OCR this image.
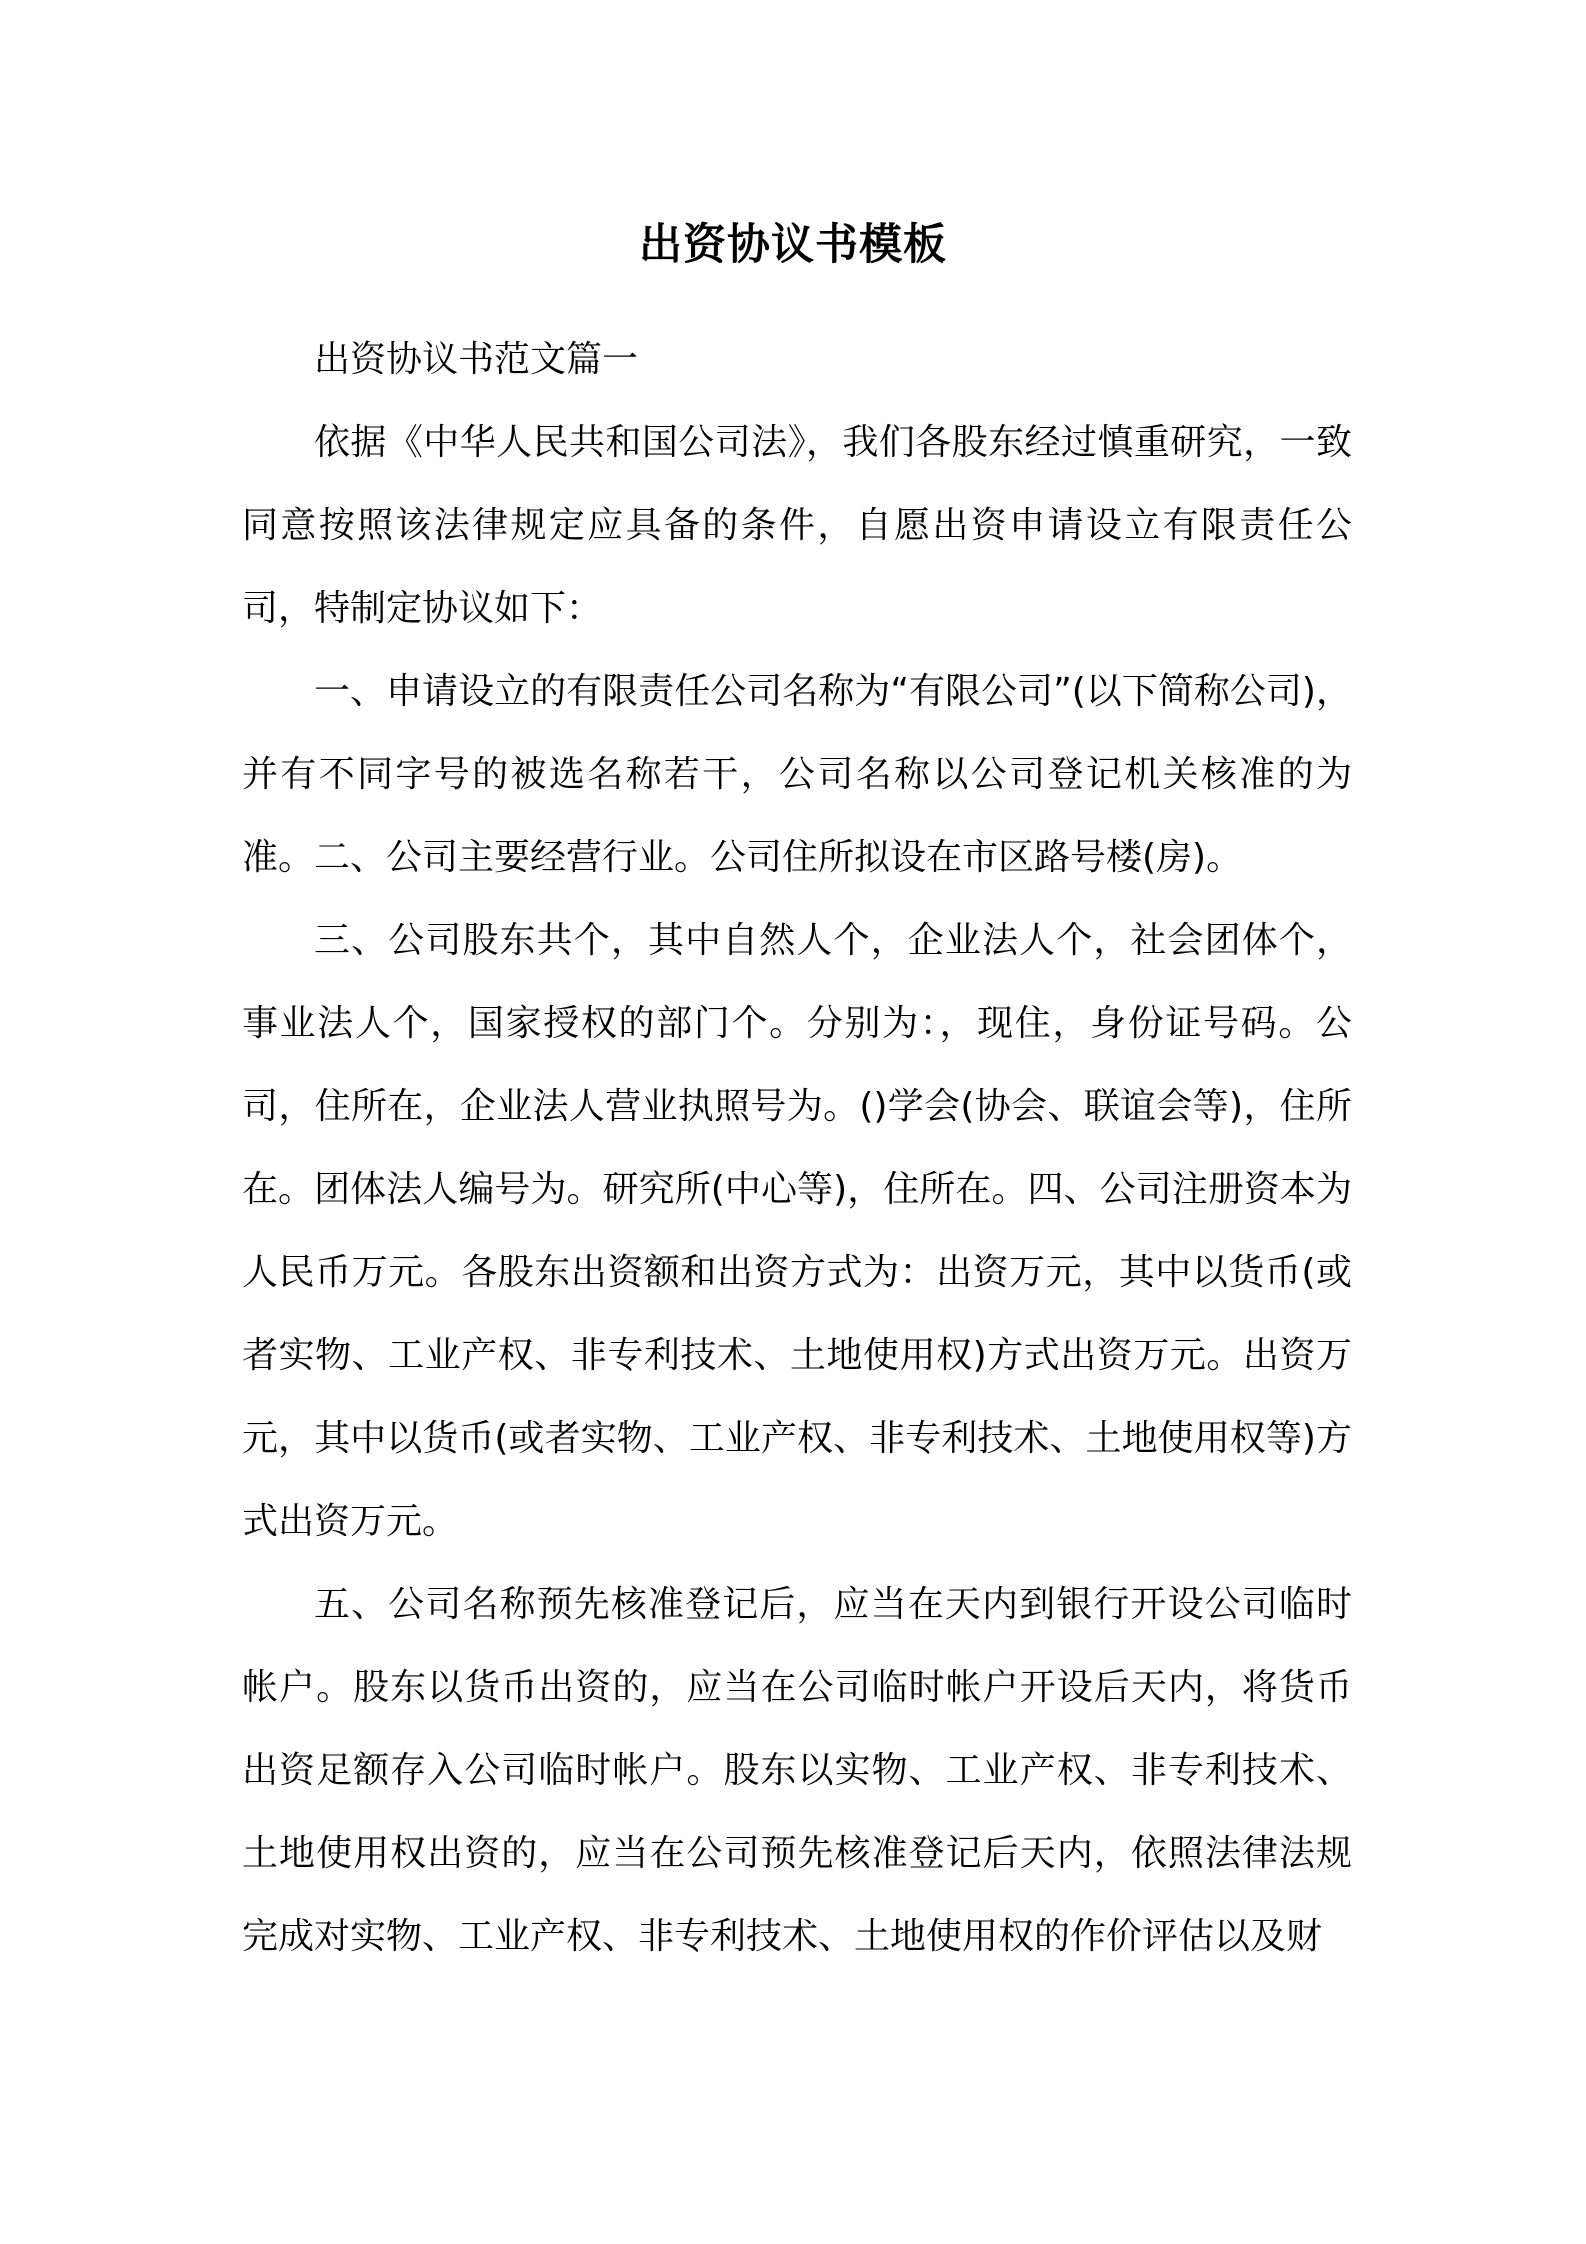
出资协议书模板

出资协议书范文篇一

依据《中华人民共和国公司法》，我们各股东经过慎重研究，一致同意按照该法律规定应具备的条件，自愿出资申请设立有限责任公司，特制定协议如下：

一、申请设立的有限责任公司名称为“有限公司”(以下简称公司)，并有不同字号的被选名称若干，公司名称以公司登记机关核准的为准。二、公司主要经营行业。公司住所拟设在市区路号楼(房)。

三、公司股东共个，其中自然人个，企业法人个，社会团体个，事业法人个，国家授权的部门个。分别为：，现住，身份证号码。公司，住所在，企业法人营业执照号为。()学会(协会、联谊会等)，住所在。团体法人编号为。研究所(中心等)，住所在。四、公司注册资本为人民币万元。各股东出资额和出资方式为：出资万元，其中以货币(或者实物、工业产权、非专利技术、土地使用权)方式出资万元。出资万元，其中以货币(或者实物、工业产权、非专利技术、土地使用权等)方式出资万元。

五、公司名称预先核准登记后，应当在天内到银行开设公司临时帐户。股东以货币出资的，应当在公司临时帐户开设后天内，将货币出资足额存入公司临时帐户。股东以实物、工业产权、非专利技术、土地使用权出资的，应当在公司预先核准登记后天内，依照法律法规完成对实物、工业产权、非专利技术、土地使用权的作价评估以及财
